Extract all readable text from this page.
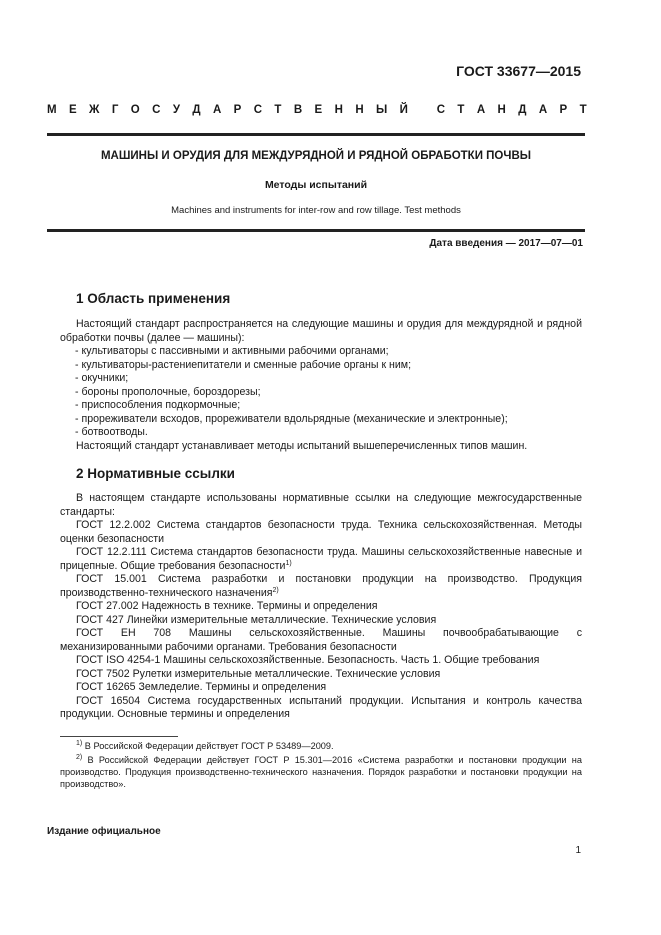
ГОСТ 33677—2015
М Е Ж Г О С У Д А Р С Т В Е Н Н Ы Й	С Т А Н Д А Р Т
МАШИНЫ И ОРУДИЯ ДЛЯ МЕЖДУРЯДНОЙ И РЯДНОЙ ОБРАБОТКИ ПОЧВЫ
Методы испытаний
Machines and instruments for inter-row and row tillage. Test methods
Дата введения — 2017—07—01
1 Область применения

Настоящий стандарт распространяется на следующие машины и орудия для междурядной и рядной обработки почвы (далее — машины):

- культиваторы с пассивными и активными рабочими органами;

- культиваторы-растениепитатели и сменные рабочие органы к ним;

- окучники;

- бороны прополочные, бороздорезы;

- приспособления подкормочные;

- прореживатели всходов, прореживатели вдольрядные (механические и электронные);

- ботвоотводы.

Настоящий стандарт устанавливает методы испытаний вышеперечисленных типов машин.

2 Нормативные ссылки

В настоящем стандарте использованы нормативные ссылки на следующие межгосударственные стандарты:

ГОСТ 12.2.002 Система стандартов безопасности труда. Техника сельскохозяйственная. Методы оценки безопасности

ГОСТ 12.2.111 Система стандартов безопасности труда. Машины сельскохозяйственные навесные и прицепные. Общие требования безопасности$^{1)}$

ГОСТ 15.001 Система разработки и постановки продукции на производство. Продукция производственно-технического назначения$^{2)}$

ГОСТ 27.002 Надежность в технике. Термины и определения

ГОСТ 427 Линейки измерительные металлические. Технические условия

ГОСТ ЕН 708 Машины сельскохозяйственные. Машины почвообрабатывающие с механизированными рабочими органами. Требования безопасности

ГОСТ ISO 4254-1 Машины сельскохозяйственные. Безопасность. Часть 1. Общие требования

ГОСТ 7502 Рулетки измерительные металлические. Технические условия

ГОСТ 16265 Земледелие. Термины и определения

ГОСТ 16504 Система государственных испытаний продукции. Испытания и контроль качества продукции. Основные термины и определения

$^{1)}$ В Российской Федерации действует ГОСТ Р 53489—2009.

$^{2)}$ В Российской Федерации действует ГОСТ Р 15.301—2016 «Система разработки и постановки продукции на производство. Продукция производственно-технического назначения. Порядок разработки и постановки продукции на производство».

Издание официальное
1
